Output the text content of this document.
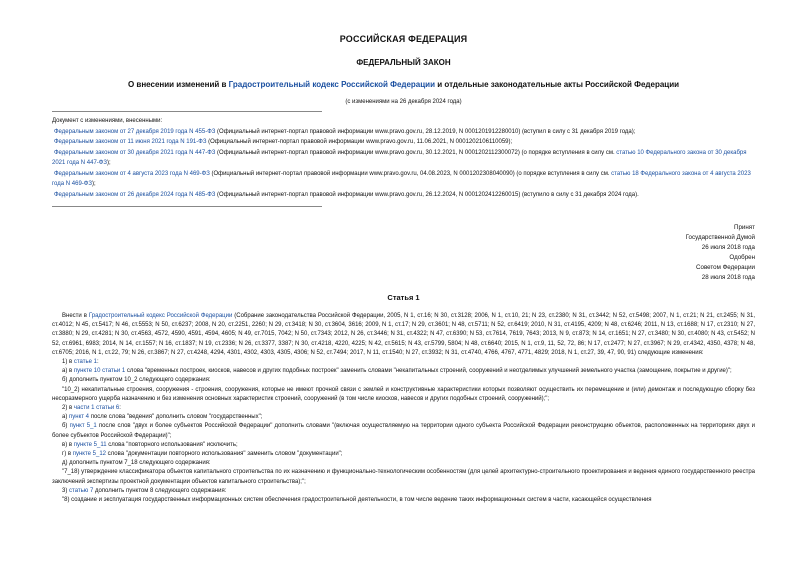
РОССИЙСКАЯ ФЕДЕРАЦИЯ

ФЕДЕРАЛЬНЫЙ ЗАКОН

О внесении изменений в Градостроительный кодекс Российской Федерации и отдельные законодательные акты Российской Федерации

(с изменениями на 26 декабря 2024 года)

Документ с изменениями, внесенными:
Федеральным законом от 27 декабря 2019 года N 455-ФЗ (Официальный интернет-портал правовой информации www.pravo.gov.ru, 28.12.2019, N 0001201912280010) (вступил в силу с 31 декабря 2019 года);
Федеральным законом от 11 июня 2021 года N 191-ФЗ (Официальный интернет-портал правовой информации www.pravo.gov.ru, 11.06.2021, N 0001202106110059);
Федеральным законом от 30 декабря 2021 года N 447-ФЗ (Официальный интернет-портал правовой информации www.pravo.gov.ru, 30.12.2021, N 0001202112300072) (о порядке вступления в силу см. статью 10 Федерального закона от 30 декабря 2021 года N 447-ФЗ);
Федеральным законом от 4 августа 2023 года N 469-ФЗ (Официальный интернет-портал правовой информации www.pravo.gov.ru, 04.08.2023, N 0001202308040090) (о порядке вступления в силу см. статью 18 Федерального закона от 4 августа 2023 года N 469-ФЗ);
Федеральным законом от 26 декабря 2024 года N 485-ФЗ (Официальный интернет-портал правовой информации www.pravo.gov.ru, 26.12.2024, N 0001202412260015) (вступило в силу с 31 декабря 2024 года).
Принят
Государственной Думой
26 июля 2018 года
Одобрен
Советом Федерации
28 июля 2018 года
Статья 1

Внести в Градостроительный кодекс Российской Федерации (Собрание законодательства Российской Федерации, 2005, N 1, ст.16; N 30, ст.3128; 2006, N 1, ст.10, 21; N 23, ст.2380; N 31, ст.3442; N 52, ст.5498; 2007, N 1, ст.21; N 21, ст.2455; N 31, ст.4012; N 45, ст.5417; N 46, ст.5553; N 50, ст.6237; 2008, N 20, ст.2251, 2260; N 29, ст.3418; N 30, ст.3604, 3616; 2009, N 1, ст.17; N 29, ст.3601; N 48, ст.5711; N 52, ст.6419; 2010, N 31, ст.4195, 4209; N 48, ст.6246; 2011, N 13, ст.1688; N 17, ст.2310; N 27, ст.3880; N 29, ст.4281; N 30, ст.4563, 4572, 4590, 4591, 4594, 4605; N 49, ст.7015, 7042; N 50, ст.7343; 2012, N 26, ст.3446; N 31, ст.4322; N 47, ст.6390; N 53, ст.7614, 7619, 7643; 2013, N 9, ст.873; N 14, ст.1651; N 27, ст.3480; N 30, ст.4080; N 43, ст.5452; N 52, ст.6961, 6983; 2014, N 14, ст.1557; N 16, ст.1837; N 19, ст.2336; N 26, ст.3377, 3387; N 30, ст.4218, 4220, 4225; N 42, ст.5615; N 43, ст.5799, 5804; N 48, ст.6640; 2015, N 1, ст.9, 11, 52, 72, 86; N 17, ст.2477; N 27, ст.3967; N 29, ст.4342, 4350, 4378; N 48, ст.6705; 2016, N 1, ст.22, 79; N 26, ст.3867; N 27, ст.4248, 4294, 4301, 4302, 4303, 4305, 4306; N 52, ст.7494; 2017, N 11, ст.1540; N 27, ст.3932; N 31, ст.4740, 4766, 4767, 4771, 4829; 2018, N 1, ст.27, 39, 47, 90, 91) следующие изменения:

1) в статье 1:

а) в пункте 10 статьи 1 слова "временных построек, киосков, навесов и других подобных построек" заменить словами "некапитальных строений, сооружений и неотделимых улучшений земельного участка (замощение, покрытие и другие)";

б) дополнить пунктом 10_2 следующего содержания:

"10_2) некапитальные строения, сооружения - строения, сооружения, которые не имеют прочной связи с землей и конструктивные характеристики которых позволяют осуществить их перемещение и (или) демонтаж и последующую сборку без несоразмерного ущерба назначению и без изменения основных характеристик строений, сооружений (в том числе киосков, навесов и других подобных строений, сооружений);";

2) в части 1 статьи 6:

а) пункт 4 после слова "ведения" дополнить словом "государственных";

б) пункт 5_1 после слов "двух и более субъектов Российской Федерации" дополнить словами "(включая осуществляемую на территории одного субъекта Российской Федерации реконструкцию объектов, расположенных на территориях двух и более субъектов Российской Федерации)";

в) в пункте 5_11 слова "повторного использования" исключить;

г) в пункте 5_12 слова "документации повторного использования" заменить словом "документации";

д) дополнить пунктом 7_18 следующего содержания:

"7_18) утверждение классификатора объектов капитального строительства по их назначению и функционально-технологическим особенностям (для целей архитектурно-строительного проектирования и ведения единого государственного реестра заключений экспертизы проектной документации объектов капитального строительства);";

3) статью 7 дополнить пунктом 8 следующего содержания:

"8) создание и эксплуатация государственных информационных систем обеспечения градостроительной деятельности, в том числе ведение таких информационных систем в части, касающейся осуществления
